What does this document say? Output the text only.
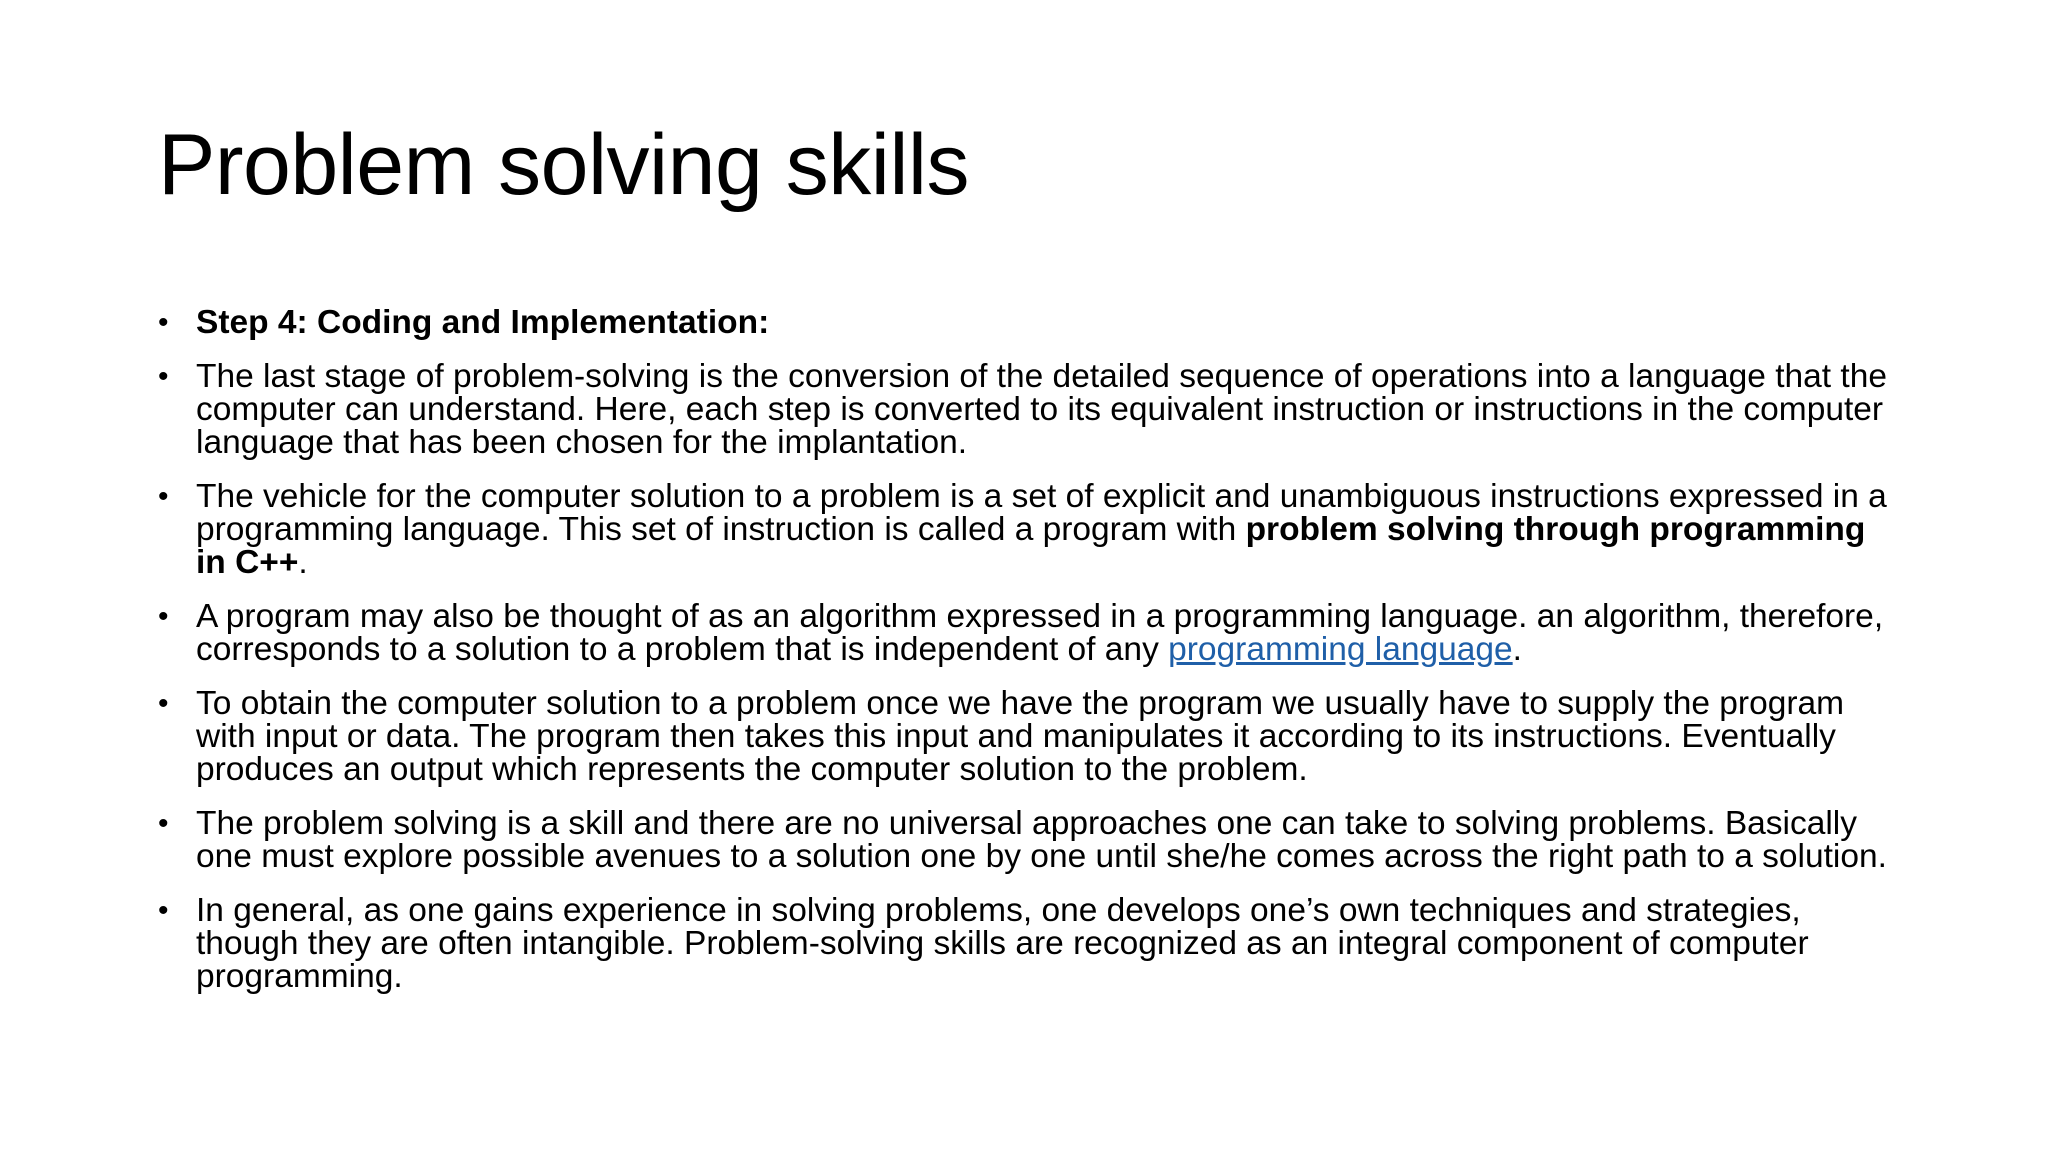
Problem solving skills
• Step 4: Coding and Implementation:
• The last stage of problem-solving is the conversion of the detailed sequence of operations into a language that the computer can understand. Here, each step is converted to its equivalent instruction or instructions in the computer language that has been chosen for the implantation.
• The vehicle for the computer solution to a problem is a set of explicit and unambiguous instructions expressed in a programming language. This set of instruction is called a program with problem solving through programming in C++.
• A program may also be thought of as an algorithm expressed in a programming language. an algorithm, therefore, corresponds to a solution to a problem that is independent of any programming language.
• To obtain the computer solution to a problem once we have the program we usually have to supply the program with input or data. The program then takes this input and manipulates it according to its instructions. Eventually produces an output which represents the computer solution to the problem.
• The problem solving is a skill and there are no universal approaches one can take to solving problems. Basically one must explore possible avenues to a solution one by one until she/he comes across the right path to a solution.
• In general, as one gains experience in solving problems, one develops one’s own techniques and strategies, though they are often intangible. Problem-solving skills are recognized as an integral component of computer programming.
